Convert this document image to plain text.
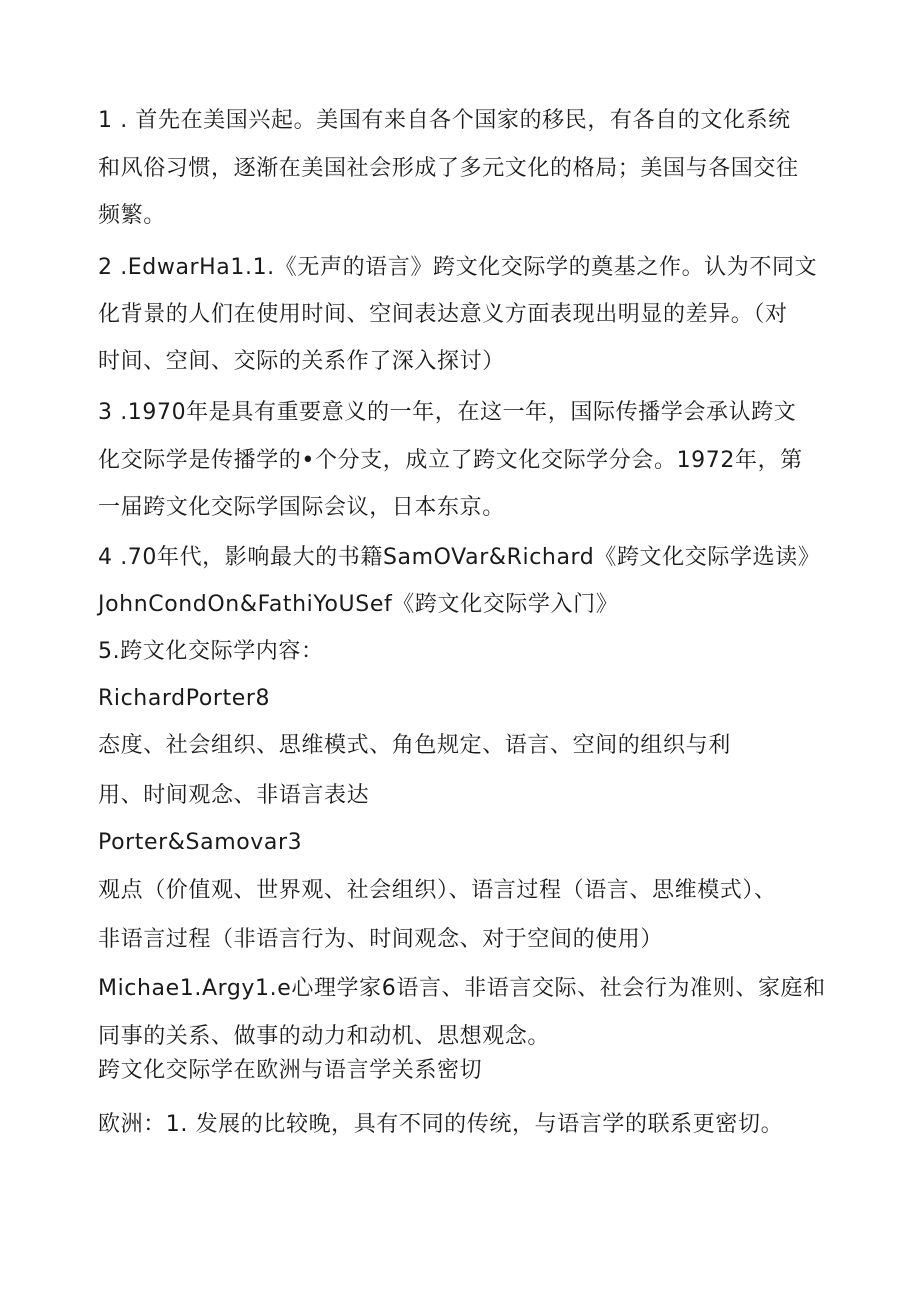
1 . 首先在美国兴起。美国有来自各个国家的移民，有各自的文化系统
和风俗习惯，逐渐在美国社会形成了多元文化的格局；美国与各国交往
频繁。
2 .EdwarHa1.1.《无声的语言》跨文化交际学的奠基之作。认为不同文
化背景的人们在使用时间、空间表达意义方面表现出明显的差异。（对
时间、空间、交际的关系作了深入探讨）
3 .1970年是具有重要意义的一年，在这一年，国际传播学会承认跨文
化交际学是传播学的•个分支，成立了跨文化交际学分会。1972年，第
一届跨文化交际学国际会议，日本东京。
4 .70年代，影响最大的书籍SamOVar&Richard《跨文化交际学选读》
JohnCondOn&FathiYoUSef《跨文化交际学入门》
5.跨文化交际学内容：
RichardPorter8
态度、社会组织、思维模式、角色规定、语言、空间的组织与利
用、时间观念、非语言表达
Porter&Samovar3
观点（价值观、世界观、社会组织）、语言过程（语言、思维模式）、
非语言过程（非语言行为、时间观念、对于空间的使用）
Michae1.Argy1.e心理学家6语言、非语言交际、社会行为准则、家庭和
同事的关系、做事的动力和动机、思想观念。
跨文化交际学在欧洲与语言学关系密切
欧洲：1. 发展的比较晚，具有不同的传统，与语言学的联系更密切。
